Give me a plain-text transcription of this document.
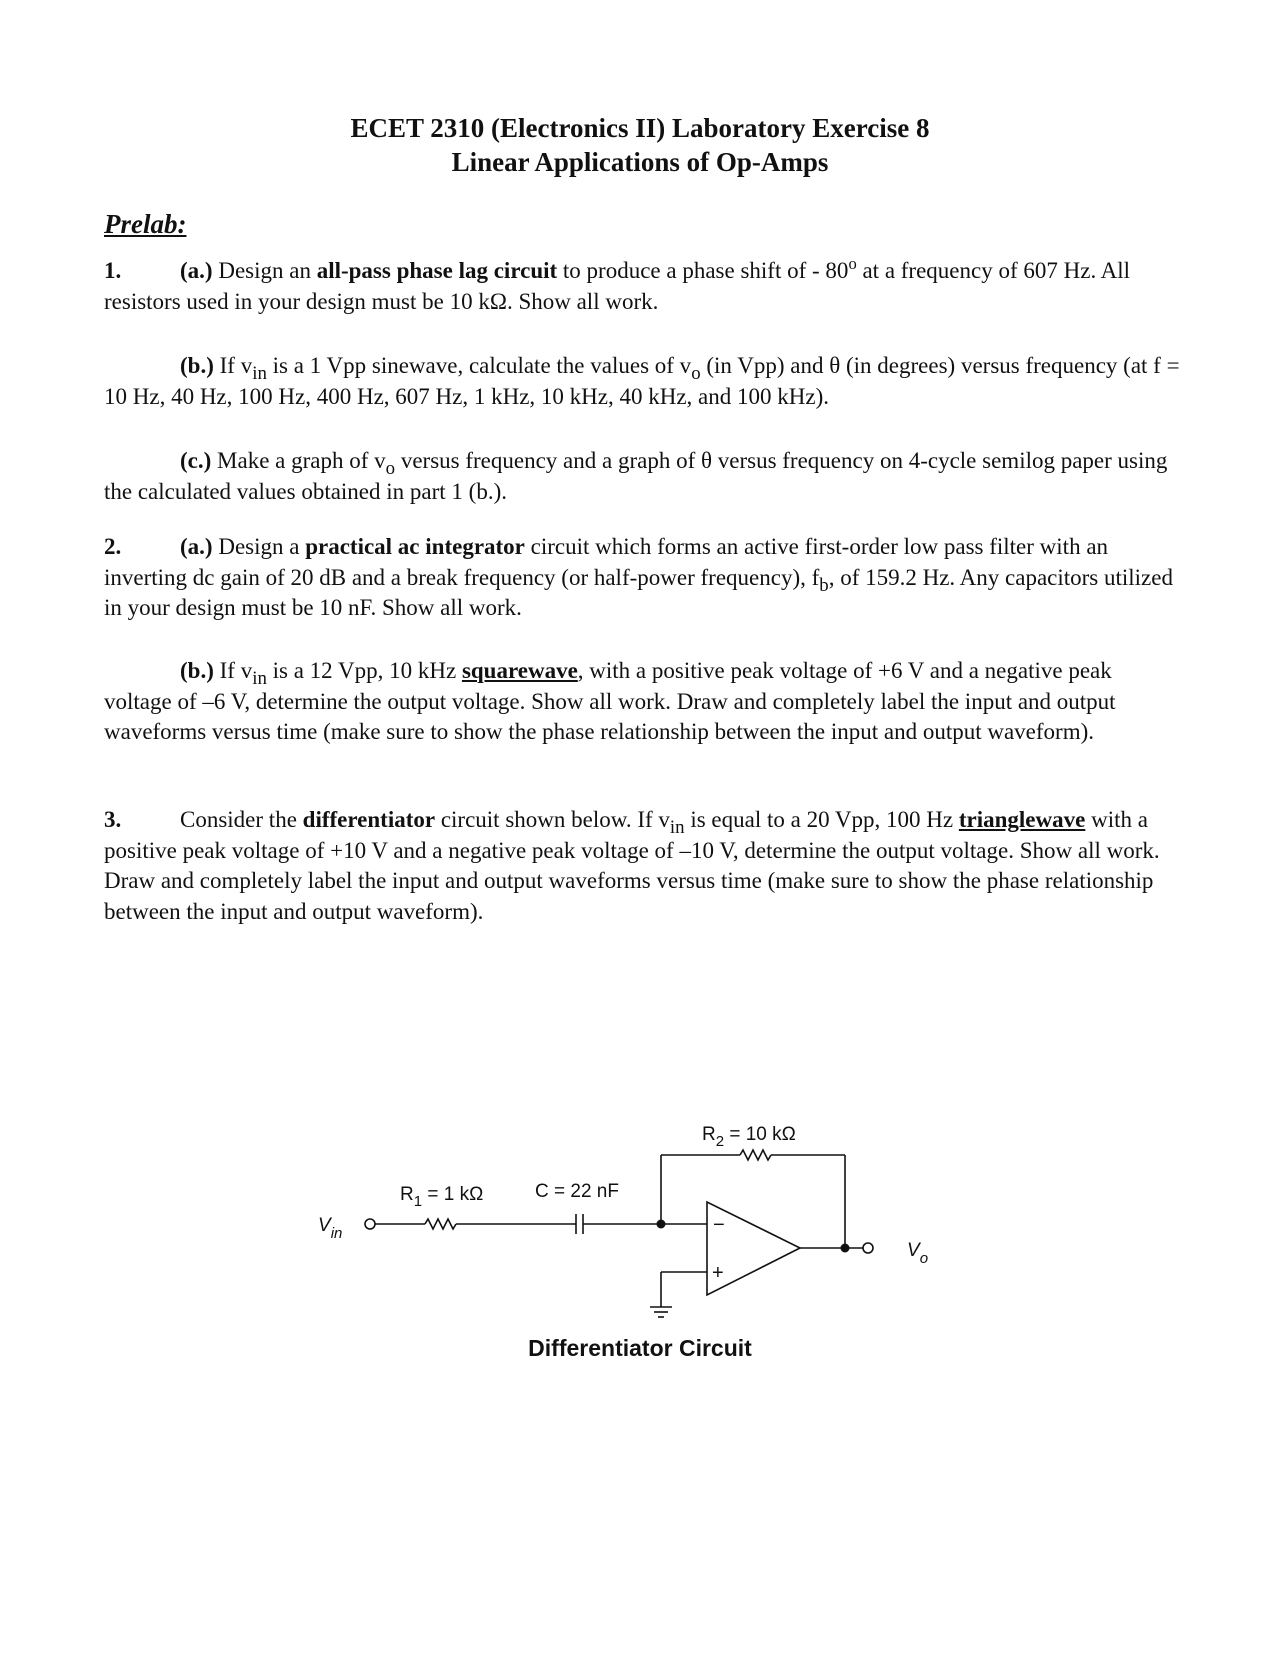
ECET 2310 (Electronics II) Laboratory Exercise 8
Linear Applications of Op-Amps
Prelab:
1.	(a.) Design an all-pass phase lag circuit to produce a phase shift of - 80$^o$ at a frequency of 607 Hz. All resistors used in your design must be 10 kΩ. Show all work.
(b.) If $v_{in}$ is a 1 Vpp sinewave, calculate the values of $v_o$ (in Vpp) and θ (in degrees) versus frequency (at f = 10 Hz, 40 Hz, 100 Hz, 400 Hz, 607 Hz, 1 kHz, 10 kHz, 40 kHz, and 100 kHz).
(c.) Make a graph of $v_o$ versus frequency and a graph of θ versus frequency on 4-cycle semilog paper using the calculated values obtained in part 1 (b.).
2.	(a.) Design a practical ac integrator circuit which forms an active first-order low pass filter with an inverting dc gain of 20 dB and a break frequency (or half-power frequency), $f_b$, of 159.2 Hz. Any capacitors utilized in your design must be 10 nF. Show all work.
(b.) If $v_{in}$ is a 12 Vpp, 10 kHz squarewave, with a positive peak voltage of +6 V and a negative peak voltage of –6 V, determine the output voltage. Show all work. Draw and completely label the input and output waveforms versus time (make sure to show the phase relationship between the input and output waveform).
3.	Consider the differentiator circuit shown below. If $v_{in}$ is equal to a 20 Vpp, 100 Hz trianglewave with a positive peak voltage of +10 V and a negative peak voltage of –10 V, determine the output voltage. Show all work. Draw and completely label the input and output waveforms versus time (make sure to show the phase relationship between the input and output waveform).
$V_{in}$
$R_1 = 1$ kΩ	C = 22 nF
$R_2 = 10$ kΩ
$V_o$
−
+
Differentiator Circuit
